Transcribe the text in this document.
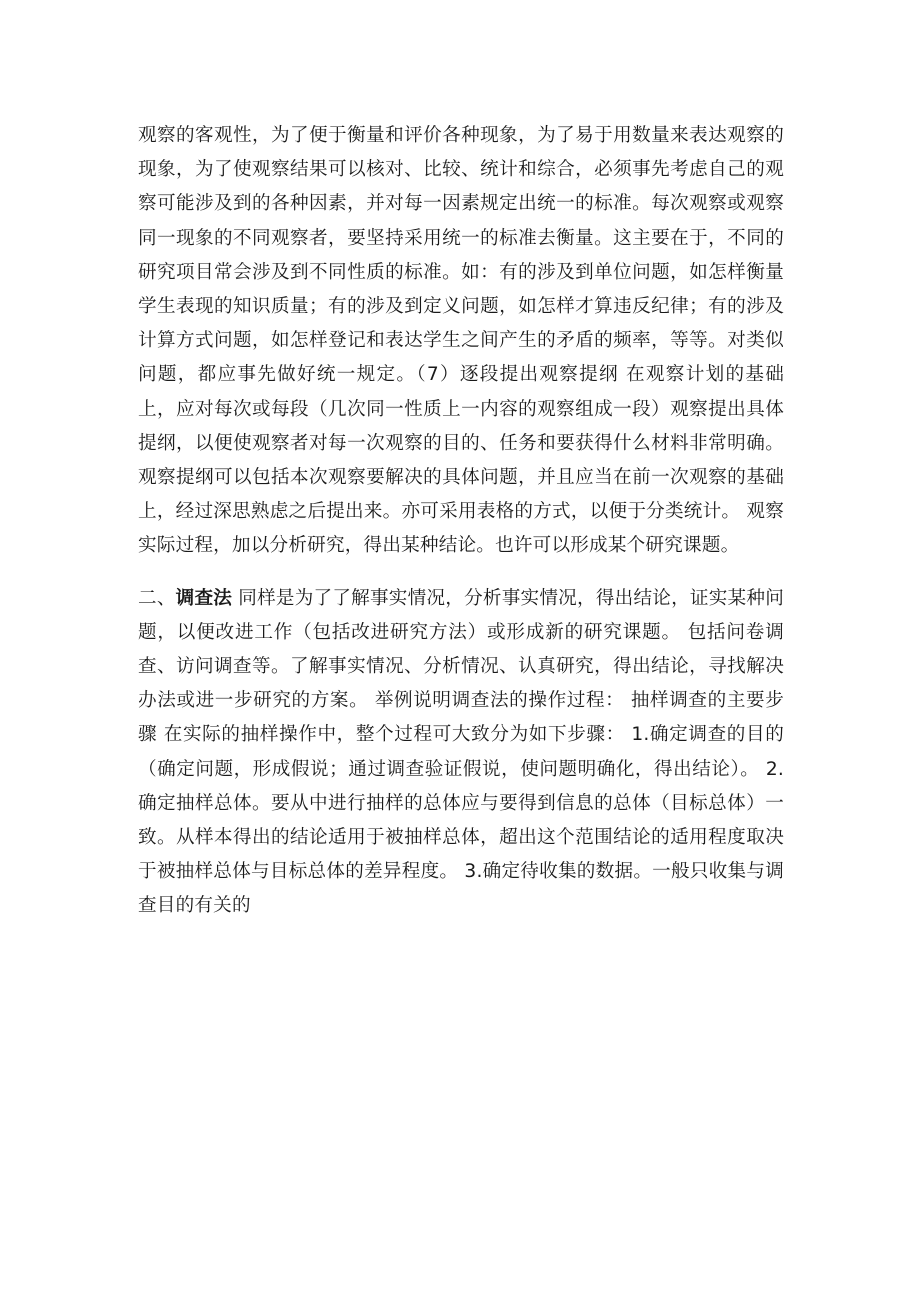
观察的客观性，为了便于衡量和评价各种现象，为了易于用数量来表达观察的现象，为了使观察结果可以核对、比较、统计和综合，必须事先考虑自己的观察可能涉及到的各种因素，并对每一因素规定出统一的标准。每次观察或观察同一现象的不同观察者，要坚持采用统一的标准去衡量。这主要在于，不同的研究项目常会涉及到不同性质的标准。如：有的涉及到单位问题，如怎样衡量学生表现的知识质量；有的涉及到定义问题，如怎样才算违反纪律；有的涉及计算方式问题，如怎样登记和表达学生之间产生的矛盾的频率，等等。对类似问题，都应事先做好统一规定。（7）逐段提出观察提纲 在观察计划的基础上，应对每次或每段（几次同一性质上一内容的观察组成一段）观察提出具体提纲，以便使观察者对每一次观察的目的、任务和要获得什么材料非常明确。观察提纲可以包括本次观察要解决的具体问题，并且应当在前一次观察的基础上，经过深思熟虑之后提出来。亦可采用表格的方式，以便于分类统计。 观察实际过程，加以分析研究，得出某种结论。也许可以形成某个研究课题。

二、调查法 同样是为了了解事实情况，分析事实情况，得出结论，证实某种问题，以便改进工作（包括改进研究方法）或形成新的研究课题。 包括问卷调查、访问调查等。了解事实情况、分析情况、认真研究，得出结论，寻找解决办法或进一步研究的方案。 举例说明调查法的操作过程： 抽样调查的主要步骤 在实际的抽样操作中，整个过程可大致分为如下步骤： 1.确定调查的目的（确定问题，形成假说；通过调查验证假说，使问题明确化，得出结论）。 2.确定抽样总体。要从中进行抽样的总体应与要得到信息的总体（目标总体）一致。从样本得出的结论适用于被抽样总体，超出这个范围结论的适用程度取决于被抽样总体与目标总体的差异程度。 3.确定待收集的数据。一般只收集与调查目的有关的
